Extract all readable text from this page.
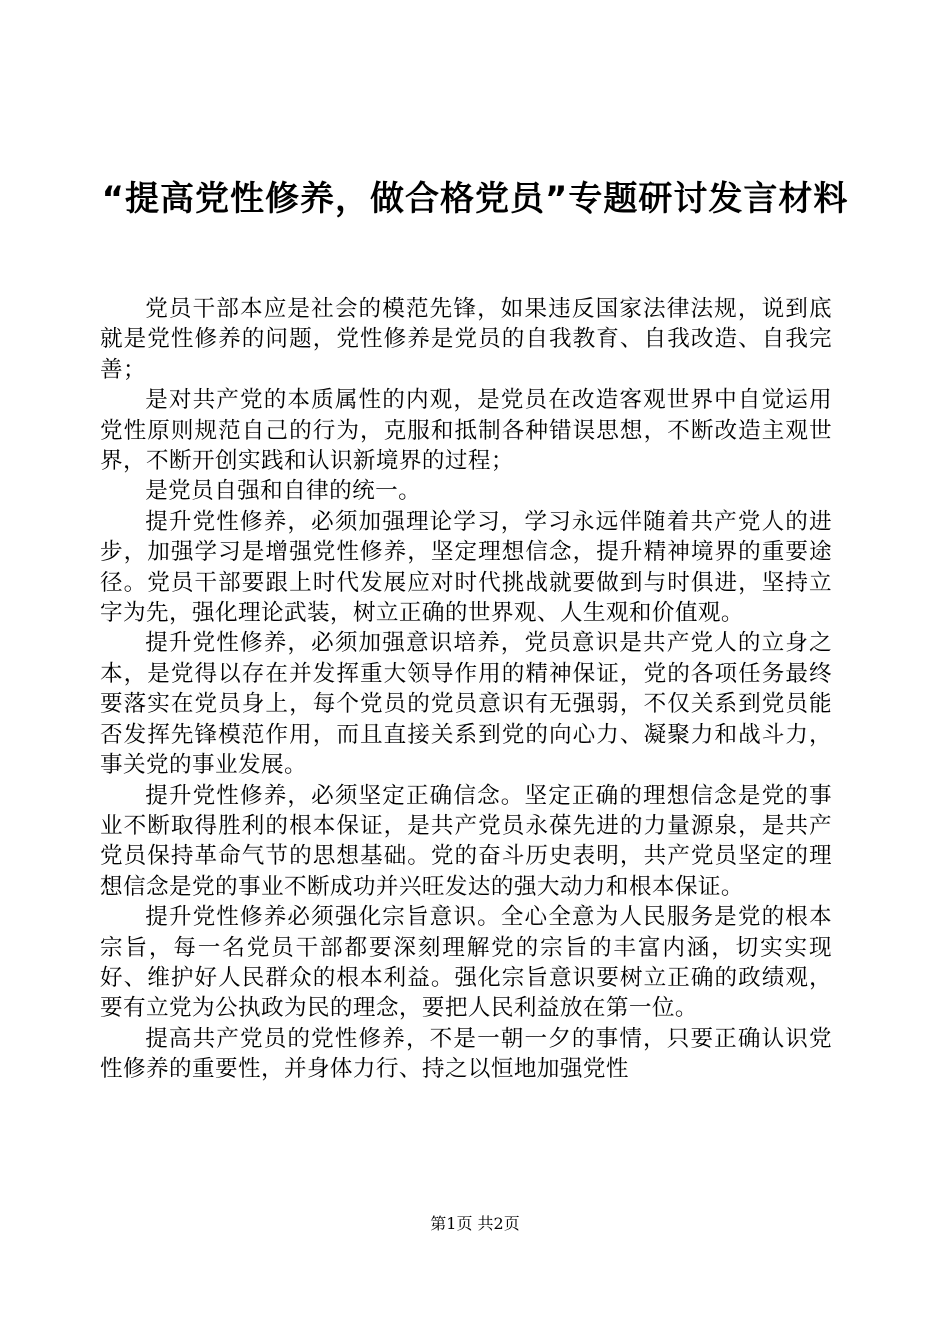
“提高党性修养，做合格党员”专题研讨发言材料

党员干部本应是社会的模范先锋，如果违反国家法律法规，说到底就是党性修养的问题，党性修养是党员的自我教育、自我改造、自我完善；

是对共产党的本质属性的内观，是党员在改造客观世界中自觉运用党性原则规范自己的行为，克服和抵制各种错误思想，不断改造主观世界，不断开创实践和认识新境界的过程；

是党员自强和自律的统一。

提升党性修养，必须加强理论学习，学习永远伴随着共产党人的进步，加强学习是增强党性修养，坚定理想信念，提升精神境界的重要途径。党员干部要跟上时代发展应对时代挑战就要做到与时俱进，坚持立字为先，强化理论武装，树立正确的世界观、人生观和价值观。

提升党性修养，必须加强意识培养，党员意识是共产党人的立身之本，是党得以存在并发挥重大领导作用的精神保证，党的各项任务最终要落实在党员身上，每个党员的党员意识有无强弱，不仅关系到党员能否发挥先锋模范作用，而且直接关系到党的向心力、凝聚力和战斗力，事关党的事业发展。

提升党性修养，必须坚定正确信念。坚定正确的理想信念是党的事业不断取得胜利的根本保证，是共产党员永葆先进的力量源泉，是共产党员保持革命气节的思想基础。党的奋斗历史表明，共产党员坚定的理想信念是党的事业不断成功并兴旺发达的强大动力和根本保证。

提升党性修养必须强化宗旨意识。全心全意为人民服务是党的根本宗旨，每一名党员干部都要深刻理解党的宗旨的丰富内涵，切实实现好、维护好人民群众的根本利益。强化宗旨意识要树立正确的政绩观，要有立党为公执政为民的理念，要把人民利益放在第一位。

提高共产党员的党性修养，不是一朝一夕的事情，只要正确认识党性修养的重要性，并身体力行、持之以恒地加强党性

第1页 共2页
